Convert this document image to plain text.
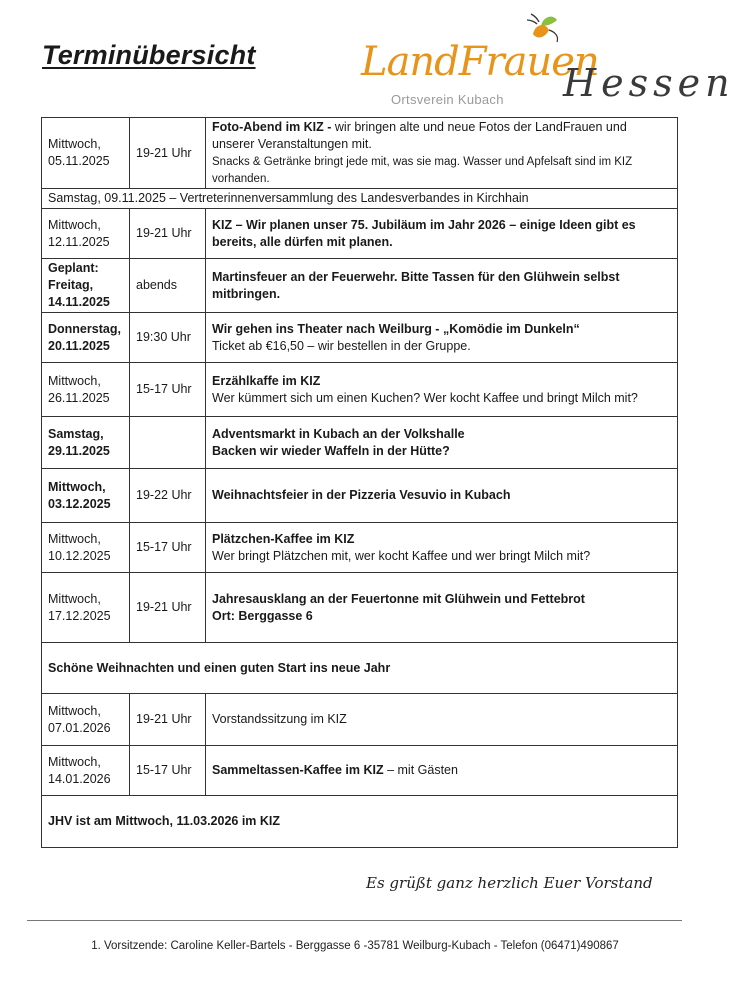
Terminübersicht	LandFrauen
Hessen
Ortsverein Kubach
Mittwoch,
05.11.2025	19-21 Uhr	Foto-Abend im KIZ - wir bringen alte und neue Fotos der LandFrauen und unserer Veranstaltungen mit.
Snacks & Getränke bringt jede mit, was sie mag. Wasser und Apfelsaft sind im KIZ vorhanden.
Samstag, 09.11.2025 – Vertreterinnenversammlung des Landesverbandes in Kirchhain		
Mittwoch,
12.11.2025	19-21 Uhr	KIZ – Wir planen unser 75. Jubiläum im Jahr 2026 – einige Ideen gibt es bereits, alle dürfen mit planen.
Geplant: Freitag,
14.11.2025	abends	Martinsfeuer an der Feuerwehr. Bitte Tassen für den Glühwein selbst mitbringen.
Donnerstag,
20.11.2025	19:30 Uhr	Wir gehen ins Theater nach Weilburg - „Komödie im Dunkeln“
Ticket ab €16,50 – wir bestellen in der Gruppe.
Mittwoch,
26.11.2025	15-17 Uhr	Erzählkaffe im KIZ
Wer kümmert sich um einen Kuchen? Wer kocht Kaffee und bringt Milch mit?
Samstag,
29.11.2025		Adventsmarkt in Kubach an der Volkshalle
Backen wir wieder Waffeln in der Hütte?
Mittwoch,
03.12.2025	19-22 Uhr	Weihnachtsfeier in der Pizzeria Vesuvio in Kubach
Mittwoch,
10.12.2025	15-17 Uhr	Plätzchen-Kaffee im KIZ
Wer bringt Plätzchen mit, wer kocht Kaffee und wer bringt Milch mit?
Mittwoch,
17.12.2025	19-21 Uhr	Jahresausklang an der Feuertonne mit Glühwein und Fettebrot
Ort: Berggasse 6
Schöne Weihnachten und einen guten Start ins neue Jahr		
Mittwoch,
07.01.2026	19-21 Uhr	Vorstandssitzung im KIZ
Mittwoch,
14.01.2026	15-17 Uhr	Sammeltassen-Kaffee im KIZ – mit Gästen
JHV ist am Mittwoch, 11.03.2026 im KIZ		
Es grüßt ganz herzlich Euer Vorstand
1. Vorsitzende: Caroline Keller-Bartels - Berggasse 6 -35781 Weilburg-Kubach - Telefon (06471)490867
